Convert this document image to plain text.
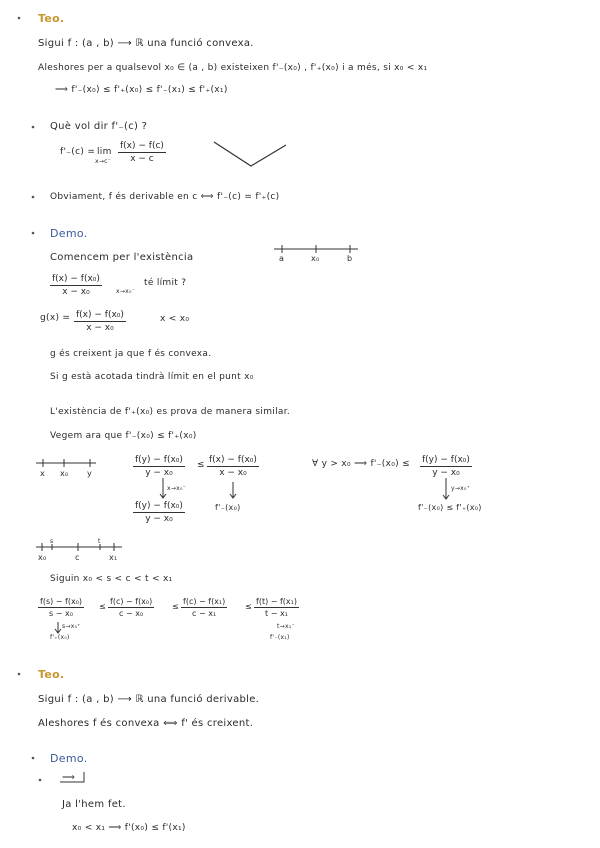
Teo.
Sigui f : (a , b) ⟶ ℝ una funció convexa.
Aleshores per a qualsevol x₀ ∈ (a , b) existeixen f'₋(x₀) , f'₊(x₀) i a més, si x₀ < x₁
⟹ f'₋(x₀) ≤ f'₊(x₀) ≤ f'₋(x₁) ≤ f'₊(x₁)
Què vol dir f'₋(c) ?
f'₋(c) = lim
$x\to c^- \frac{f(x) - f(c)}{x - c}$
Obviament, f és derivable en c ⟺ f'₋(c) = f'₊(c)
Demo.
Comencem per l'existència	a	x₀	b
$\frac{\text{f(x) − f(x₀)}}{\text{x − x₀}} x\to x_0^-$
té límit ?
$g(x) = \frac{\text{f(x) − f(x₀)}}{\text{x − x₀}}$	x < x₀
g és creixent ja que f és convexa.
Si g està acotada tindrà límit en el punt x₀
L'existència de f'₊(x₀) es prova de manera similar.
Vegem ara que f'₋(x₀) ≤ f'₊(x₀)
x x₀ y	$\frac{\text{f(y) − f(x₀)}}{\text{y − x₀}} \le \frac{\text{f(x) − f(x₀)}}{\text{x − x₀}}$
x→x₀⁻
$\frac{\text{f(y) − f(x₀)}}{\text{y − x₀}}$	f'₋(x₀)
∀ y > x₀ ⟹ $f'_-(x_0) \le \frac{\text{f(y) − f(x₀)}}{\text{y − x₀}}$
y→x₀⁺
f'₋(x₀) ≤ f'₊(x₀)
s	t
x₀	c	x₁
Siguin x₀ < s < c < t < x₁
$\frac{\text{f(s) − f(x₀)}}{\text{s − x₀}} \le \frac{\text{f(c) − f(x₀)}}{\text{c − x₀}} \le \frac{\text{f(c) − f(x₁)}}{\text{c − x₁}} \le \frac{\text{f(t) − f(x₁)}}{\text{t − x₁}}$
s→x₀⁺
f'₊(x₀)
t→x₁⁻
f'₋(x₁)
Teo.
Sigui f : (a , b) ⟶ ℝ una funció derivable.
Aleshores f és convexa ⟺ f' és creixent.
Demo.
⟹
Ja l'hem fet.
x₀ < x₁ ⟹ f'(x₀) ≤ f'(x₁)
